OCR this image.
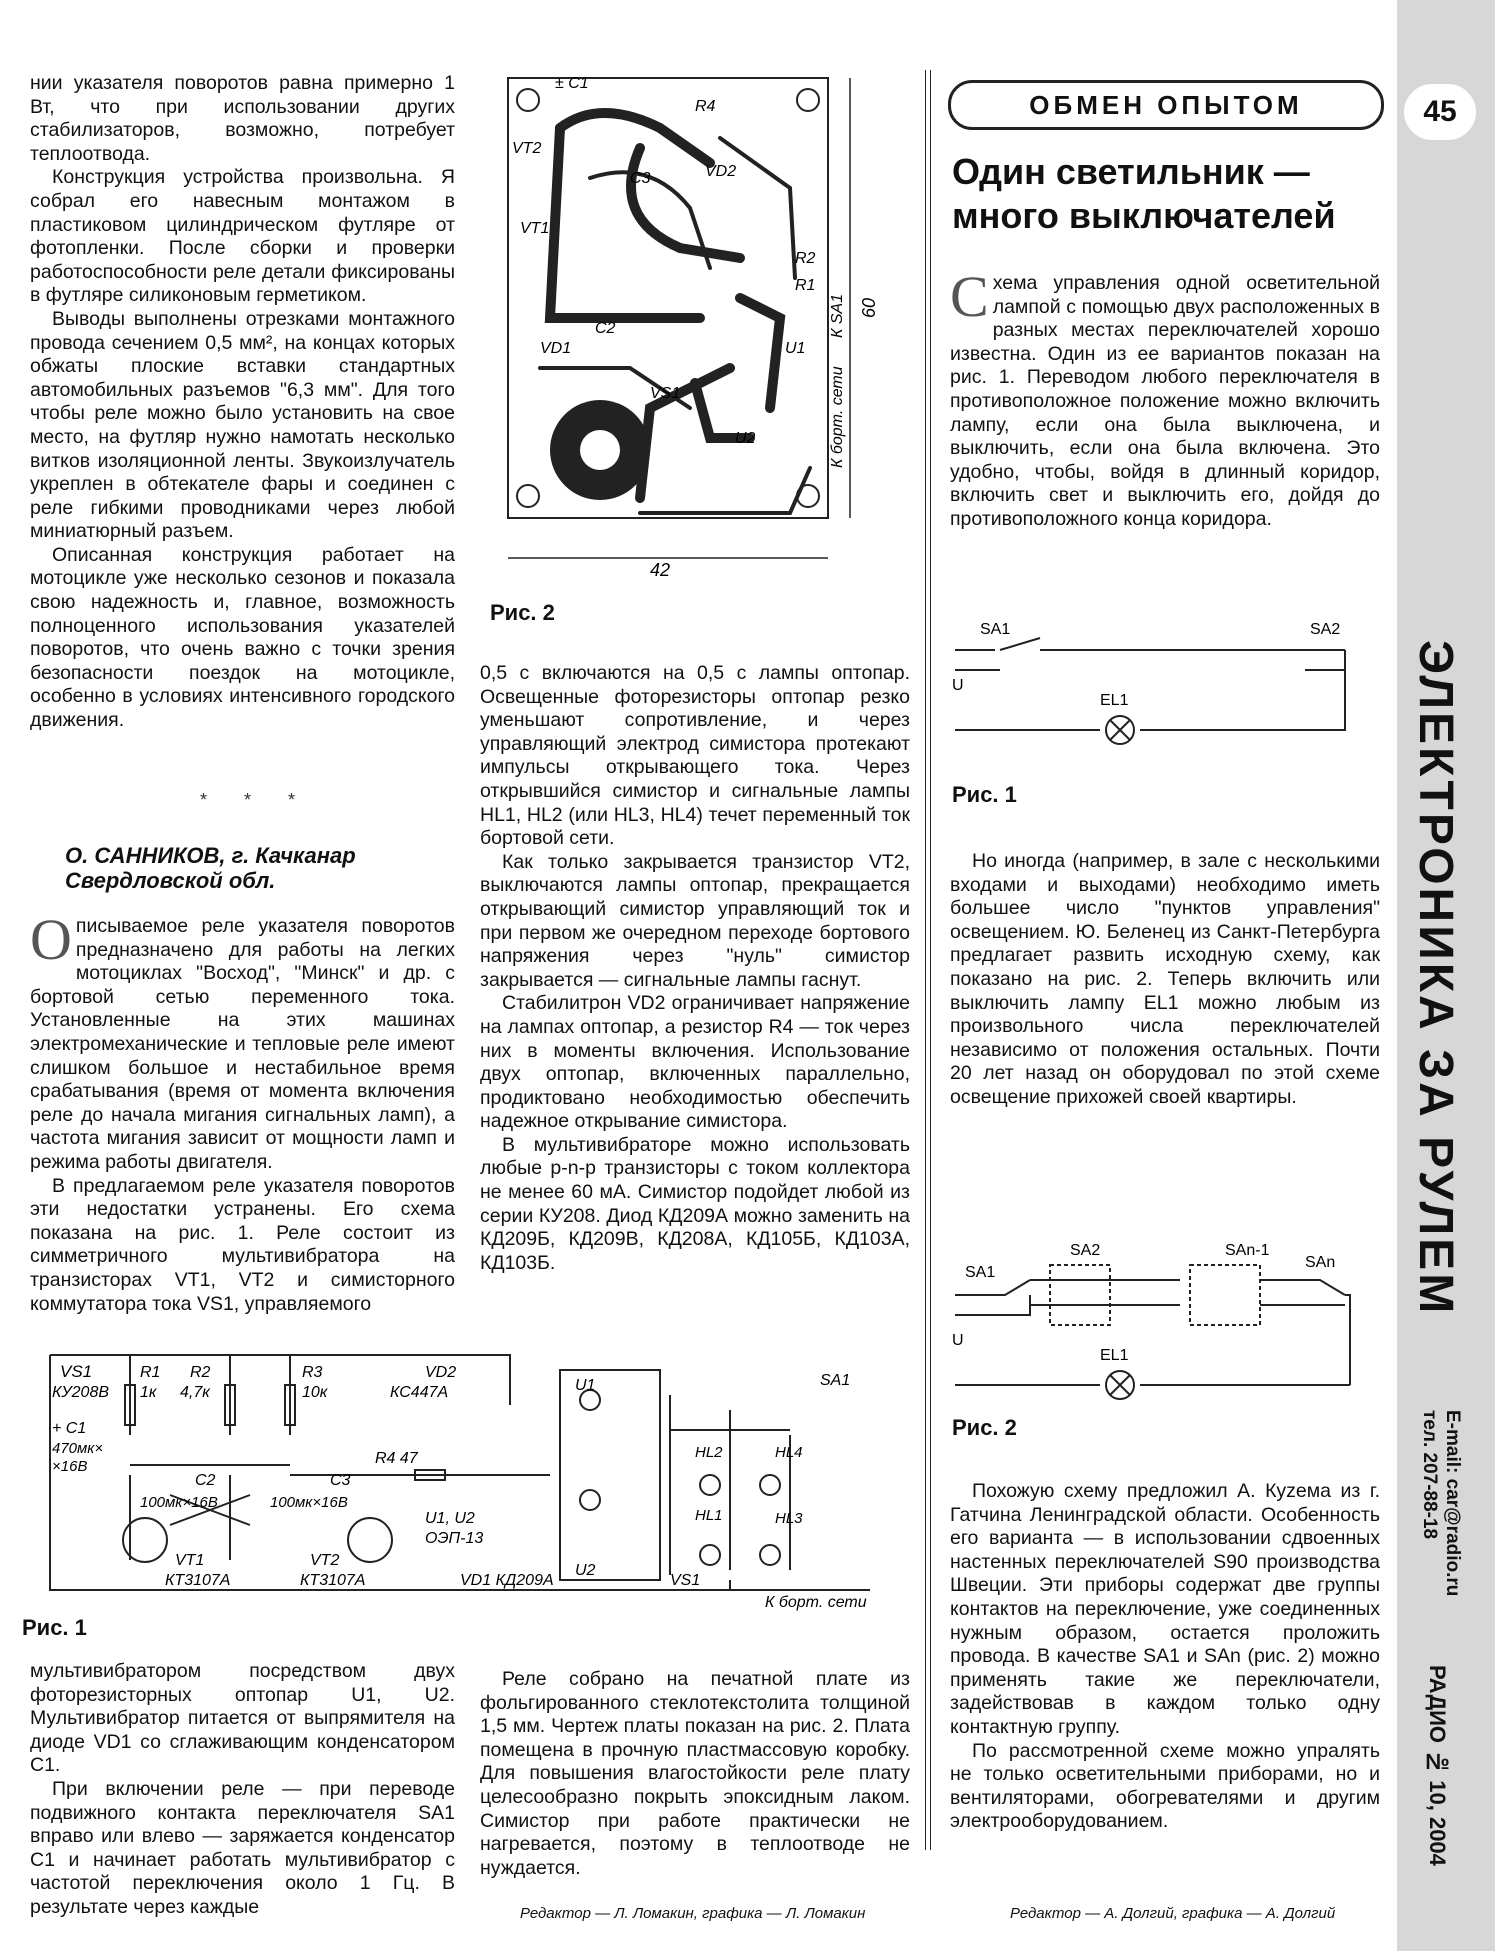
нии указателя поворотов равна примерно 1 Вт, что при использовании других стабилизаторов, возможно, потребует теплоотвода.

Конструкция устройства произвольна. Я собрал его навесным монтажом в пластиковом цилиндрическом футляре от фотопленки. После сборки и проверки работоспособности реле детали фиксированы в футляре силиконовым герметиком.

Выводы выполнены отрезками монтажного провода сечением 0,5 мм², на концах которых обжаты плоские вставки стандартных автомобильных разъемов "6,3 мм". Для того чтобы реле можно было установить на свое место, на футляр нужно намотать несколько витков изоляционной ленты. Звукоизлучатель укреплен в обтекателе фары и соединен с реле гибкими проводниками через любой миниатюрный разъем.

Описанная конструкция работает на мотоцикле уже несколько сезонов и показала свою надежность и, главное, возможность полноценного использования указателей поворотов, что очень важно с точки зрения безопасности поездок на мотоцикле, особенно в условиях интенсивного городского движения.

* * *
О. САННИКОВ, г. Качканар Свердловской обл.

Описываемое реле указателя поворотов предназначено для работы на легких мотоциклах "Восход", "Минск" и др. с бортовой сетью переменного тока. Установленные на этих машинах электромеханические и тепловые реле имеют слишком большое и нестабильное время срабатывания (время от момента включения реле до начала мигания сигнальных ламп), а частота мигания зависит от мощности ламп и режима работы двигателя.

В предлагаемом реле указателя поворотов эти недостатки устранены. Его схема показана на рис. 1. Реле состоит из симметричного мультивибратора на транзисторах VT1, VT2 и симисторного коммутатора тока VS1, управляемого

± C1
R4
VT2
C3	VD2
VT1
R2
R1
VD1
C2
U1
VS1
U2
К SA1
К борт. сети
60
42
Рис. 2

0,5 с включаются на 0,5 с лампы оптопар. Освещенные фоторезисторы оптопар резко уменьшают сопротивление, и через управляющий электрод симистора протекают импульсы открывающего тока. Через открывшийся симистор и сигнальные лампы HL1, HL2 (или HL3, HL4) течет переменный ток бортовой сети.

Как только закрывается транзистор VT2, выключаются лампы оптопар, прекращается открывающий симистор управляющий ток и при первом же очередном переходе бортового напряжения через "нуль" симистор закрывается — сигнальные лампы гаснут.

Стабилитрон VD2 ограничивает напряжение на лампах оптопар, а резистор R4 — ток через них в моменты включения. Использование двух оптопар, включенных параллельно, продиктовано необходимостью обеспечить надежное открывание симистора.

В мультивибраторе можно использовать любые p-n-p транзисторы с током коллектора не менее 60 мА. Симистор подойдет любой из серии КУ208. Диод КД209А можно заменить на КД209Б, КД209В, КД208А, КД105Б, КД103А, КД103Б.

VS1
КУ208В
+ C1
470мк×
×16В
R1
1к
R2
4,7к
R3
10к
VD2
КС447А
R4 47
C2
100мк×16В
C3
100мк×16В
VT1
КТ3107А
VT2
КТ3107А
U1, U2
ОЭП-13
U1
U2
VD1 КД209А	VS1
К борт. сети
SA1
HL1
HL2
HL3
HL4
Рис. 1

мультивибратором посредством двух фоторезисторных оптопар U1, U2. Мультивибратор питается от выпрямителя на диоде VD1 со сглаживающим конденсатором C1.

При включении реле — при переводе подвижного контакта переключателя SA1 вправо или влево — заряжается конденсатор C1 и начинает работать мультивибратор с частотой переключения около 1 Гц. В результате через каждые

Реле собрано на печатной плате из фольгированного стеклотекстолита толщиной 1,5 мм. Чертеж платы показан на рис. 2. Плата помещена в прочную пластмассовую коробку. Для повышения влагостойкости реле плату целесообразно покрыть эпоксидным лаком. Симистор при работе практически не нагревается, поэтому в теплоотводе не нуждается.

Редактор — Л. Ломакин, графика — Л. Ломакин
ОБМЕН ОПЫТОМ
Один светильник — много выключателей

Схема управления одной осветительной лампой с помощью двух расположенных в разных местах переключателей хорошо известна. Один из ее вариантов показан на рис. 1. Переводом любого переключателя в противоположное положение можно включить лампу, если она была выключена, и выключить, если она была включена. Это удобно, чтобы, войдя в длинный коридор, включить свет и выключить его, дойдя до противоположного конца коридора.

SA1	SA2
U
EL1
Рис. 1

Но иногда (например, в зале с несколькими входами и выходами) необходимо иметь большее число "пунктов управления" освещением. Ю. Беленец из Санкт-Петербурга предлагает развить исходную схему, как показано на рис. 2. Теперь включить или выключить лампу EL1 можно любым из произвольного числа переключателей независимо от положения остальных. Почти 20 лет назад он оборудовал по этой схеме освещение прихожей своей квартиры.

SA1
SA2	SAn-1
SAn
U
EL1
Рис. 2

Похожую схему предложил А. Куzeма из г. Гатчина Ленинградской области. Особенность его варианта — в использовании сдвоенных настенных переключателей S90 производства Швеции. Эти приборы содержат две группы контактов на переключение, уже соединенных нужным образом, остается проложить провода. В качестве SA1 и SAn (рис. 2) можно применять такие же переключатели, задействовав в каждом только одну контактную группу.

По рассмотренной схеме можно упралять не только осветительными приборами, но и вентиляторами, обогревателями и другим электрооборудованием.

Редактор — А. Долгий, графика — А. Долгий
45
ЭЛЕКТРОНИКА ЗА РУЛЕМ
E-mail: car@radio.ru
тел. 207-88-18
РАДИО № 10, 2004
